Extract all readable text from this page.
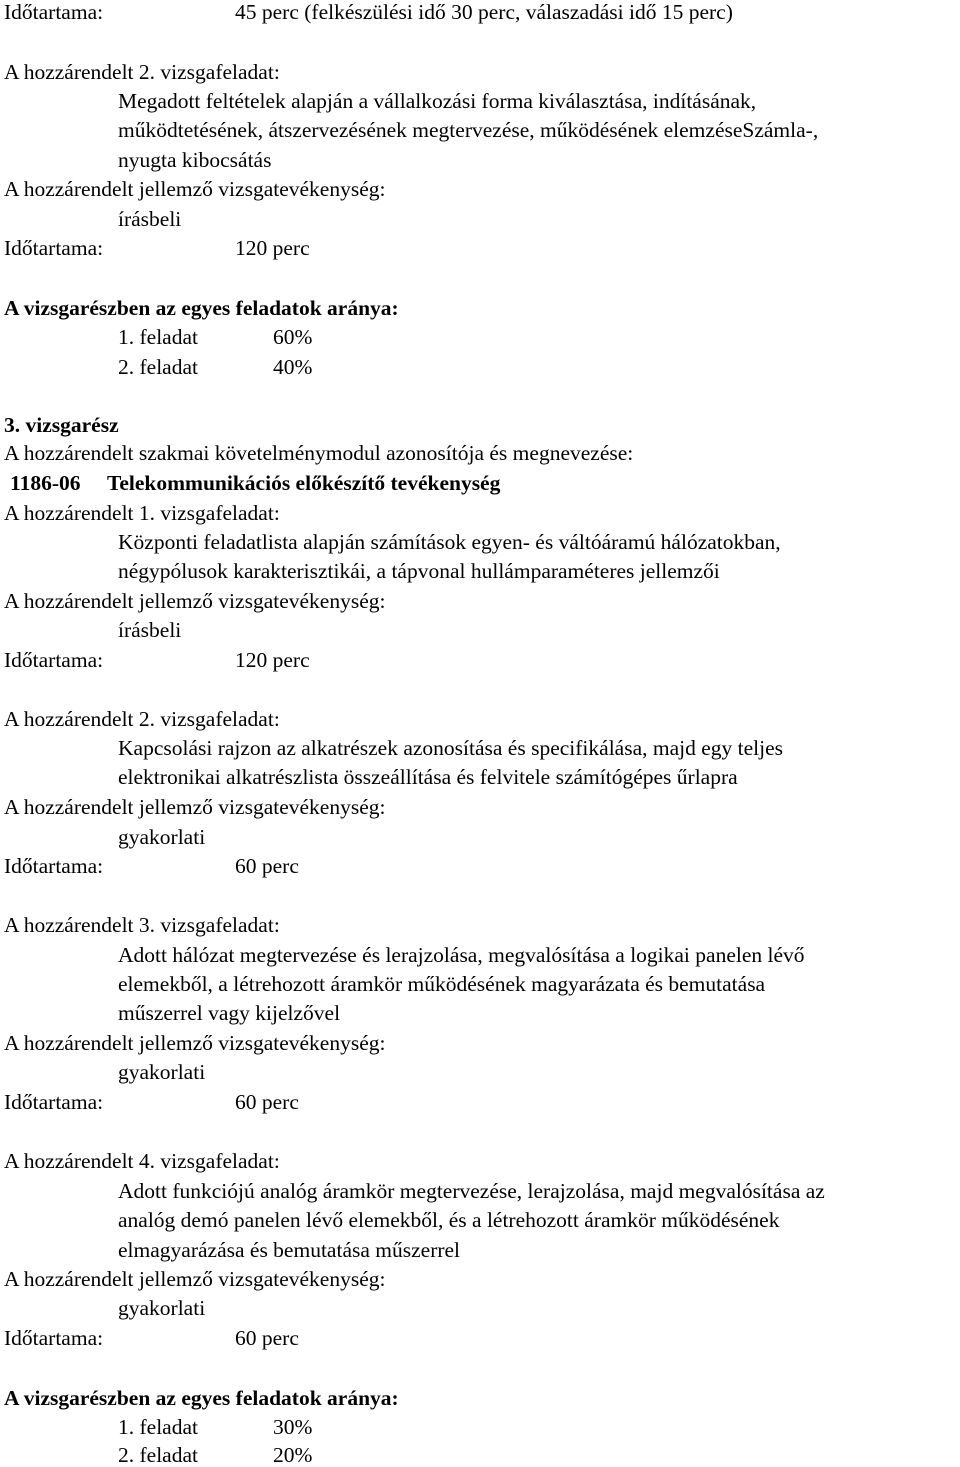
Időtartama:	45 perc (felkészülési idő 30 perc, válaszadási idő 15 perc)
A hozzárendelt 2. vizsgafeladat:
Megadott feltételek alapján a vállalkozási forma kiválasztása, indításának,
működtetésének, átszervezésének megtervezése, működésének elemzéseSzámla-,
nyugta kibocsátás
A hozzárendelt jellemző vizsgatevékenység:
írásbeli
Időtartama:	120 perc
A vizsgarészben az egyes feladatok aránya:
1. feladat	60%
2. feladat	40%
3. vizsgarész
A hozzárendelt szakmai követelménymodul azonosítója és megnevezése:
1186-06 Telekommunikációs előkészítő tevékenység
A hozzárendelt 1. vizsgafeladat:
Központi feladatlista alapján számítások egyen- és váltóáramú hálózatokban,
négypólusok karakterisztikái, a tápvonal hullámparaméteres jellemzői
A hozzárendelt jellemző vizsgatevékenység:
írásbeli
Időtartama:	120 perc
A hozzárendelt 2. vizsgafeladat:
Kapcsolási rajzon az alkatrészek azonosítása és specifikálása, majd egy teljes
elektronikai alkatrészlista összeállítása és felvitele számítógépes űrlapra
A hozzárendelt jellemző vizsgatevékenység:
gyakorlati
Időtartama:	60 perc
A hozzárendelt 3. vizsgafeladat:
Adott hálózat megtervezése és lerajzolása, megvalósítása a logikai panelen lévő
elemekből, a létrehozott áramkör működésének magyarázata és bemutatása
műszerrel vagy kijelzővel
A hozzárendelt jellemző vizsgatevékenység:
gyakorlati
Időtartama:	60 perc
A hozzárendelt 4. vizsgafeladat:
Adott funkciójú analóg áramkör megtervezése, lerajzolása, majd megvalósítása az
analóg demó panelen lévő elemekből, és a létrehozott áramkör működésének
elmagyarázása és bemutatása műszerrel
A hozzárendelt jellemző vizsgatevékenység:
gyakorlati
Időtartama:	60 perc
A vizsgarészben az egyes feladatok aránya:
1. feladat	30%
2. feladat	20%
